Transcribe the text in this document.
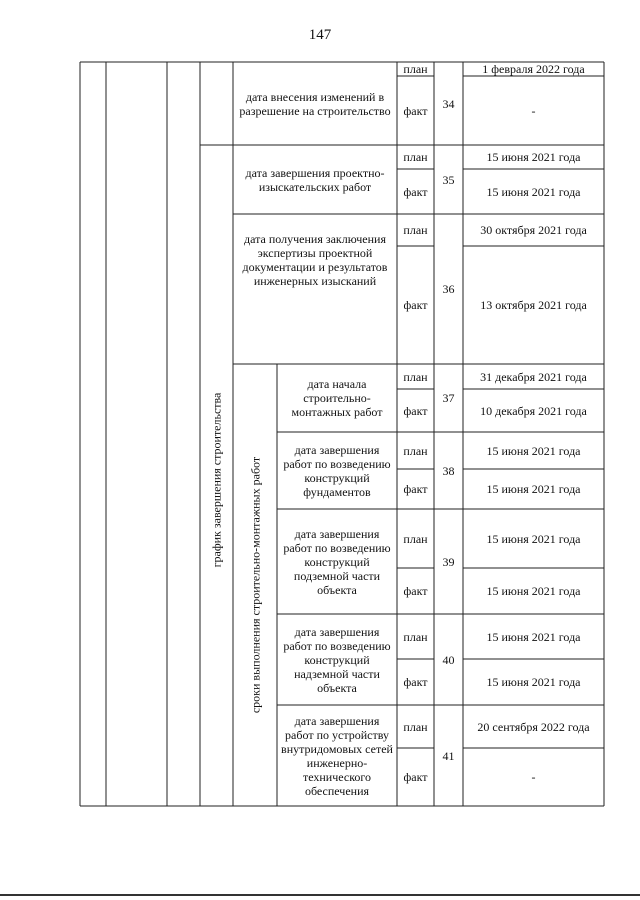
147
график завершения строительства сроки выполнения строительно-монтажных работ
дата внесения изменений в разрешение на строительство
план
факт	34
1 февраля 2022 года
-
дата завершения проектно-изыскательских работ
план
факт
35
15 июня 2021 года
15 июня 2021 года
дата получения заключения экспертизы проектной документации и результатов инженерных изысканий
план
факт
36
30 октября 2021 года
13 октября 2021 года
дата начала строительно-монтажных работ
план
факт
37
31 декабря 2021 года
10 декабря 2021 года
дата завершения работ по возведению конструкций фундаментов
план
факт
38
15 июня 2021 года
15 июня 2021 года
дата завершения работ по возведению конструкций подземной части объекта
план
факт
39
15 июня 2021 года
15 июня 2021 года
дата завершения работ по возведению конструкций надземной части объекта
план
факт
40
15 июня 2021 года
15 июня 2021 года
дата завершения работ по устройству внутридомовых сетей инженерно-технического обеспечения
план
факт
41
20 сентября 2022 года
-
